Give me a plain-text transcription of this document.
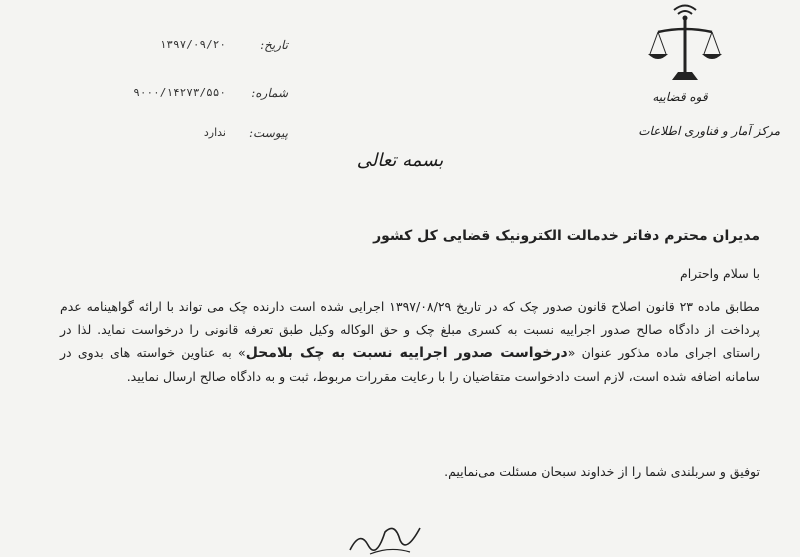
قوه قضاییه
مرکز آمار و فناوری اطلاعات
تاریخ:
۱۳۹۷/۰۹/۲۰
شماره:
۹۰۰۰/۱۴۲۷۳/۵۵۰
پیوست:
ندارد
بسمه تعالی
مدیران محترم دفاتر خدمالت الکترونیک قضایی کل کشور
با سلام واحترام
مطابق ماده ۲۳ قانون اصلاح قانون صدور چک که در تاریخ ۱۳۹۷/۰۸/۲۹ اجرایی شده است دارنده چک می تواند با ارائه گواهینامه عدم پرداخت از دادگاه صالح صدور اجراییه نسبت به کسری مبلغ چک و حق الوکاله وکیل طبق تعرفه قانونی را درخواست نماید. لذا در راستای اجرای ماده مذکور عنوان «درخواست صدور اجراییه نسبت به چک بلامحل» به عناوین خواسته های بدوی در سامانه اضافه شده است، لازم است دادخواست متقاضیان را با رعایت مقررات مربوط، ثبت و به دادگاه صالح ارسال نمایید.
توفیق و سربلندی شما را از خداوند سبحان مسئلت می‌نماییم.
